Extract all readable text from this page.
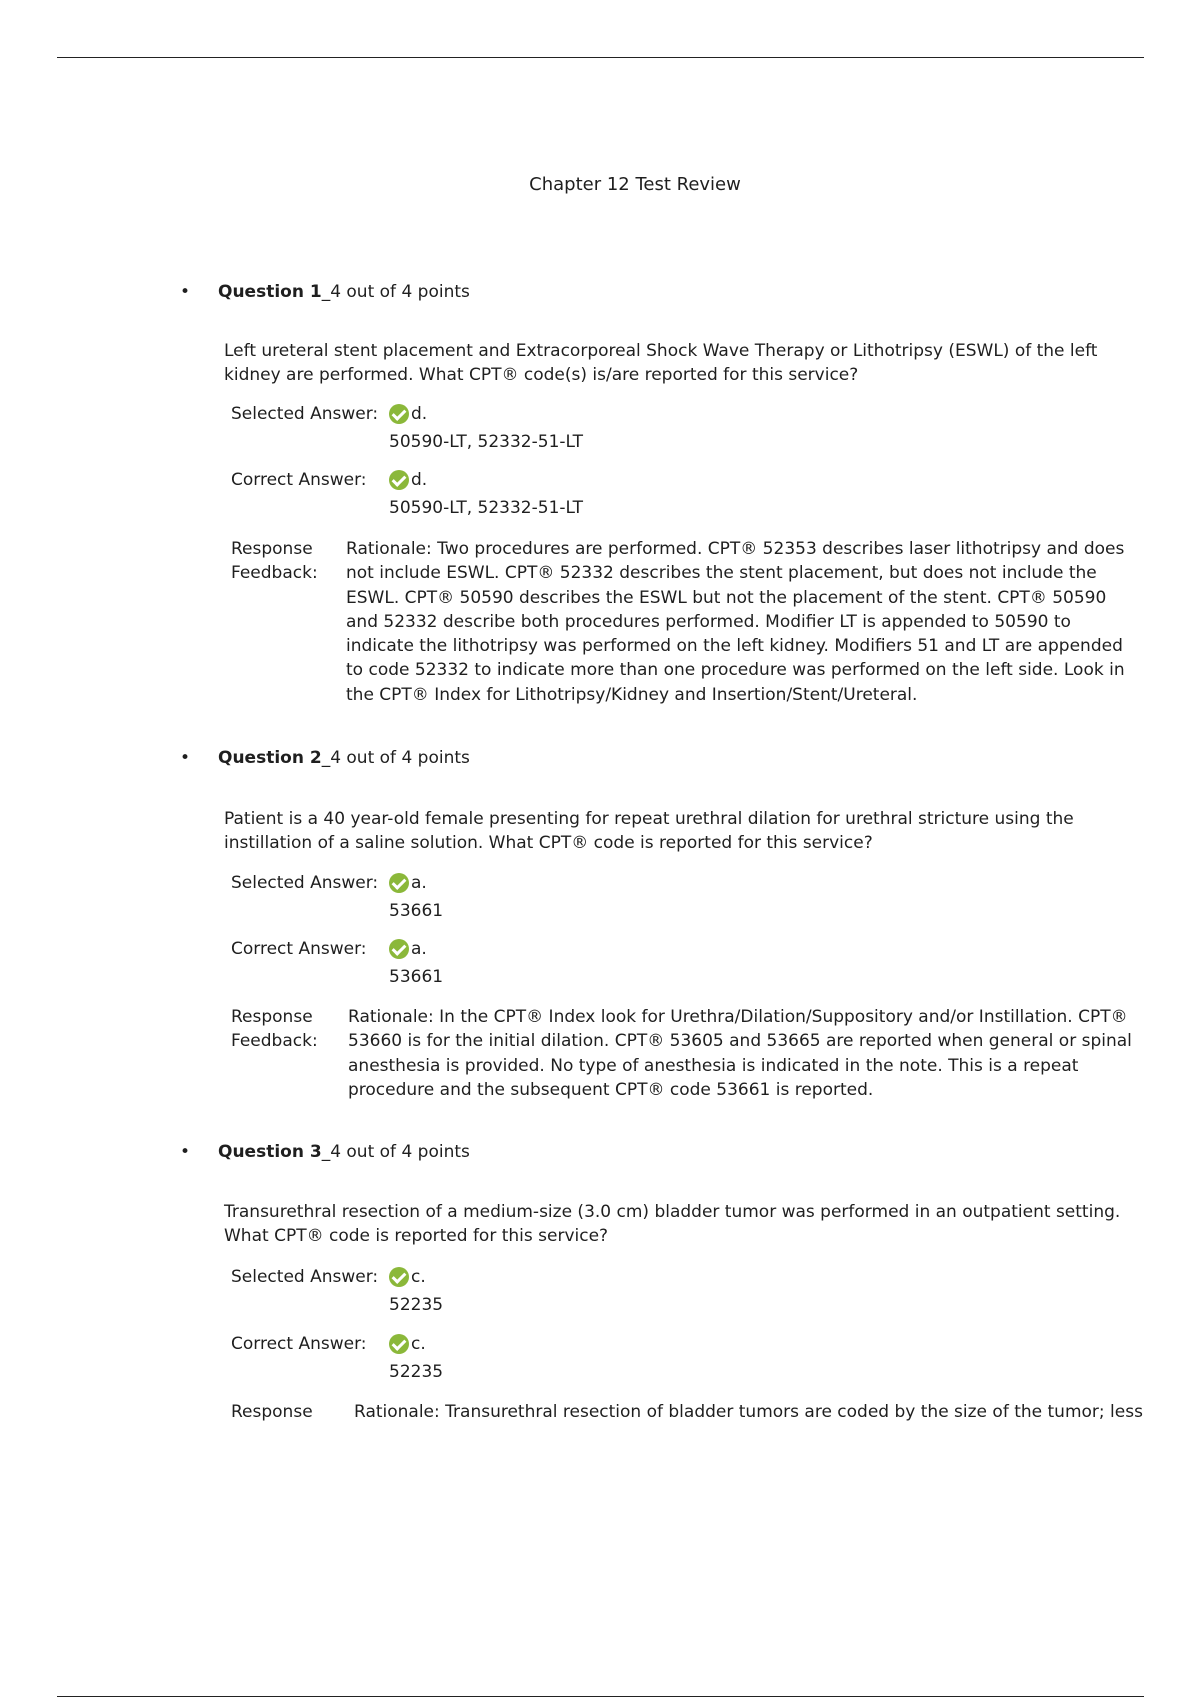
Chapter 12 Test Review
• Question 1_4 out of 4 points
Left ureteral stent placement and Extracorporeal Shock Wave Therapy or Lithotripsy (ESWL) of the left kidney are performed. What CPT® code(s) is/are reported for this service?
Selected Answer: d.
50590-LT, 52332-51-LT
Correct Answer:	d.
50590-LT, 52332-51-LT
Response
Feedback:
Rationale: Two procedures are performed. CPT® 52353 describes laser lithotripsy and does not include ESWL. CPT® 52332 describes the stent placement, but does not include the ESWL. CPT® 50590 describes the ESWL but not the placement of the stent. CPT® 50590 and 52332 describe both procedures performed. Modifier LT is appended to 50590 to indicate the lithotripsy was performed on the left kidney. Modifiers 51 and LT are appended to code 52332 to indicate more than one procedure was performed on the left side. Look in the CPT® Index for Lithotripsy/Kidney and Insertion/Stent/Ureteral.
• Question 2_4 out of 4 points
Patient is a 40 year-old female presenting for repeat urethral dilation for urethral stricture using the instillation of a saline solution. What CPT® code is reported for this service?
Selected Answer: a.
53661
Correct Answer:	a.
53661
Response
Feedback:
Rationale: In the CPT® Index look for Urethra/Dilation/Suppository and/or Instillation. CPT® 53660 is for the initial dilation. CPT® 53605 and 53665 are reported when general or spinal anesthesia is provided. No type of anesthesia is indicated in the note. This is a repeat procedure and the subsequent CPT® code 53661 is reported.
• Question 3_4 out of 4 points
Transurethral resection of a medium-size (3.0 cm) bladder tumor was performed in an outpatient setting. What CPT® code is reported for this service?
Selected Answer: c.
52235
Correct Answer:	c.
52235
Response Rationale: Transurethral resection of bladder tumors are coded by the size of the tumor; less
